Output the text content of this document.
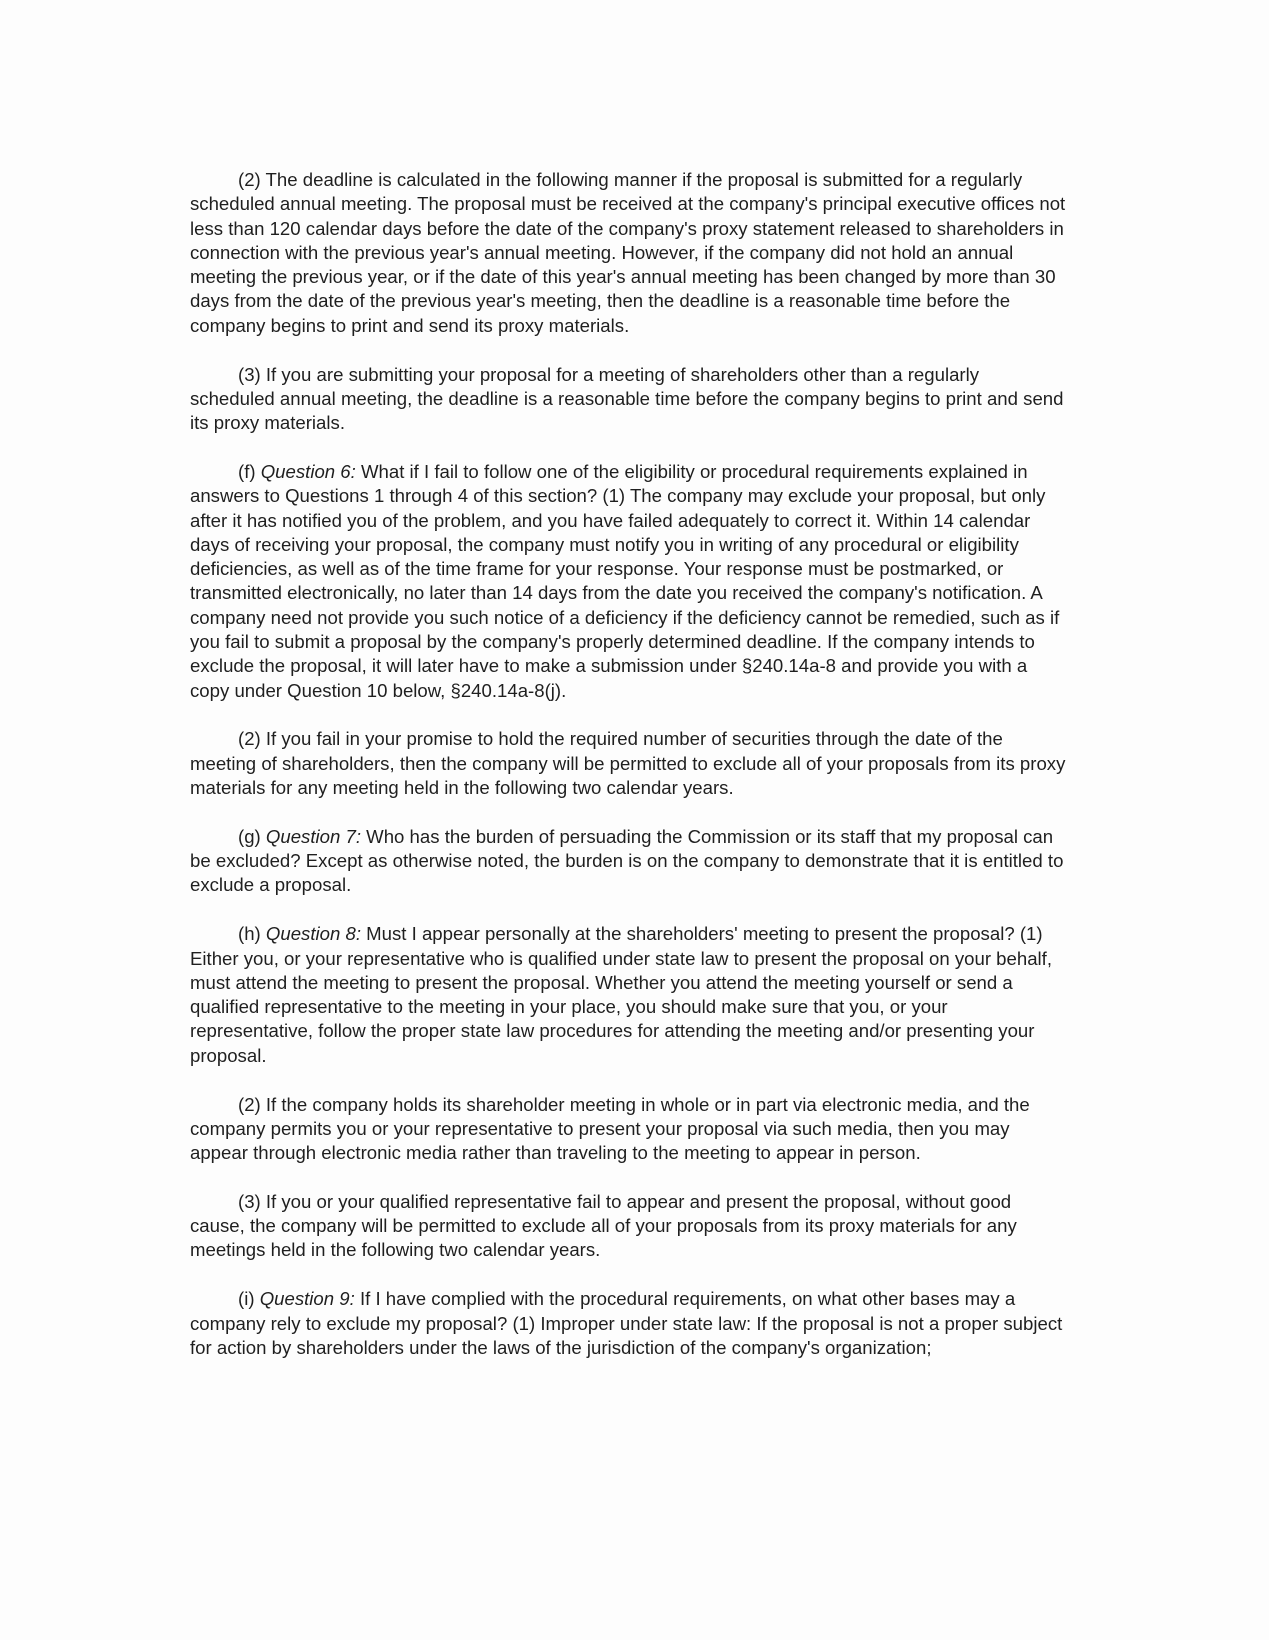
(2) The deadline is calculated in the following manner if the proposal is submitted for a regularly scheduled annual meeting. The proposal must be received at the company's principal executive offices not less than 120 calendar days before the date of the company's proxy statement released to shareholders in connection with the previous year's annual meeting. However, if the company did not hold an annual meeting the previous year, or if the date of this year's annual meeting has been changed by more than 30 days from the date of the previous year's meeting, then the deadline is a reasonable time before the company begins to print and send its proxy materials.

(3) If you are submitting your proposal for a meeting of shareholders other than a regularly scheduled annual meeting, the deadline is a reasonable time before the company begins to print and send its proxy materials.

(f) Question 6: What if I fail to follow one of the eligibility or procedural requirements explained in answers to Questions 1 through 4 of this section? (1) The company may exclude your proposal, but only after it has notified you of the problem, and you have failed adequately to correct it. Within 14 calendar days of receiving your proposal, the company must notify you in writing of any procedural or eligibility deficiencies, as well as of the time frame for your response. Your response must be postmarked, or transmitted electronically, no later than 14 days from the date you received the company's notification. A company need not provide you such notice of a deficiency if the deficiency cannot be remedied, such as if you fail to submit a proposal by the company's properly determined deadline. If the company intends to exclude the proposal, it will later have to make a submission under §240.14a-8 and provide you with a copy under Question 10 below, §240.14a-8(j).

(2) If you fail in your promise to hold the required number of securities through the date of the meeting of shareholders, then the company will be permitted to exclude all of your proposals from its proxy materials for any meeting held in the following two calendar years.

(g) Question 7: Who has the burden of persuading the Commission or its staff that my proposal can be excluded? Except as otherwise noted, the burden is on the company to demonstrate that it is entitled to exclude a proposal.

(h) Question 8: Must I appear personally at the shareholders' meeting to present the proposal? (1) Either you, or your representative who is qualified under state law to present the proposal on your behalf, must attend the meeting to present the proposal. Whether you attend the meeting yourself or send a qualified representative to the meeting in your place, you should make sure that you, or your representative, follow the proper state law procedures for attending the meeting and/or presenting your proposal.

(2) If the company holds its shareholder meeting in whole or in part via electronic media, and the company permits you or your representative to present your proposal via such media, then you may appear through electronic media rather than traveling to the meeting to appear in person.

(3) If you or your qualified representative fail to appear and present the proposal, without good cause, the company will be permitted to exclude all of your proposals from its proxy materials for any meetings held in the following two calendar years.

(i) Question 9: If I have complied with the procedural requirements, on what other bases may a company rely to exclude my proposal? (1) Improper under state law: If the proposal is not a proper subject for action by shareholders under the laws of the jurisdiction of the company's organization;
